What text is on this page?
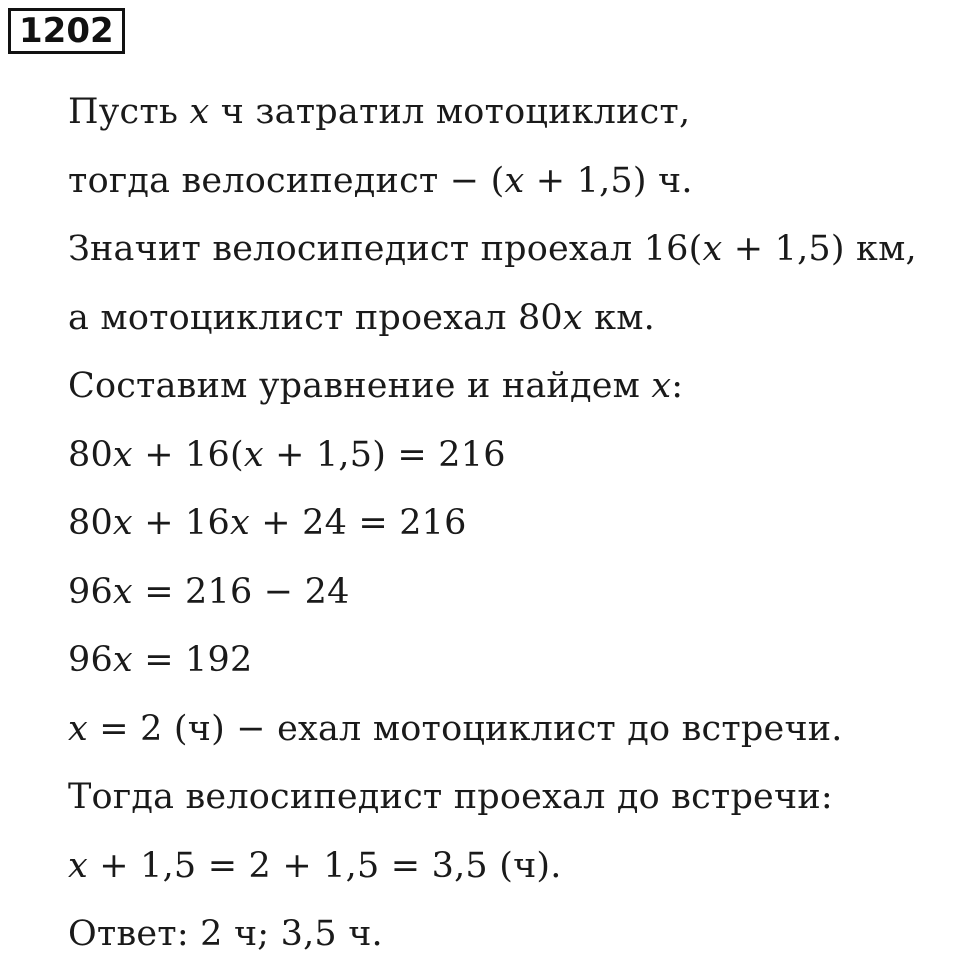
1202
Пусть 𝑥 ч затратил мотоциклист,
тогда велосипедист − (𝑥 + 1,5) ч.
Значит велосипедист проехал 16(𝑥 + 1,5) км,
а мотоциклист проехал 80𝑥 км.
Составим уравнение и найдем 𝑥:
80𝑥 + 16(𝑥 + 1,5) = 216
80𝑥 + 16𝑥 + 24 = 216
96𝑥 = 216 − 24
96𝑥 = 192
𝑥 = 2 (ч) − ехал мотоциклист до встречи.
Тогда велосипедист проехал до встречи:
𝑥 + 1,5 = 2 + 1,5 = 3,5 (ч).
Ответ: 2 ч; 3,5 ч.
